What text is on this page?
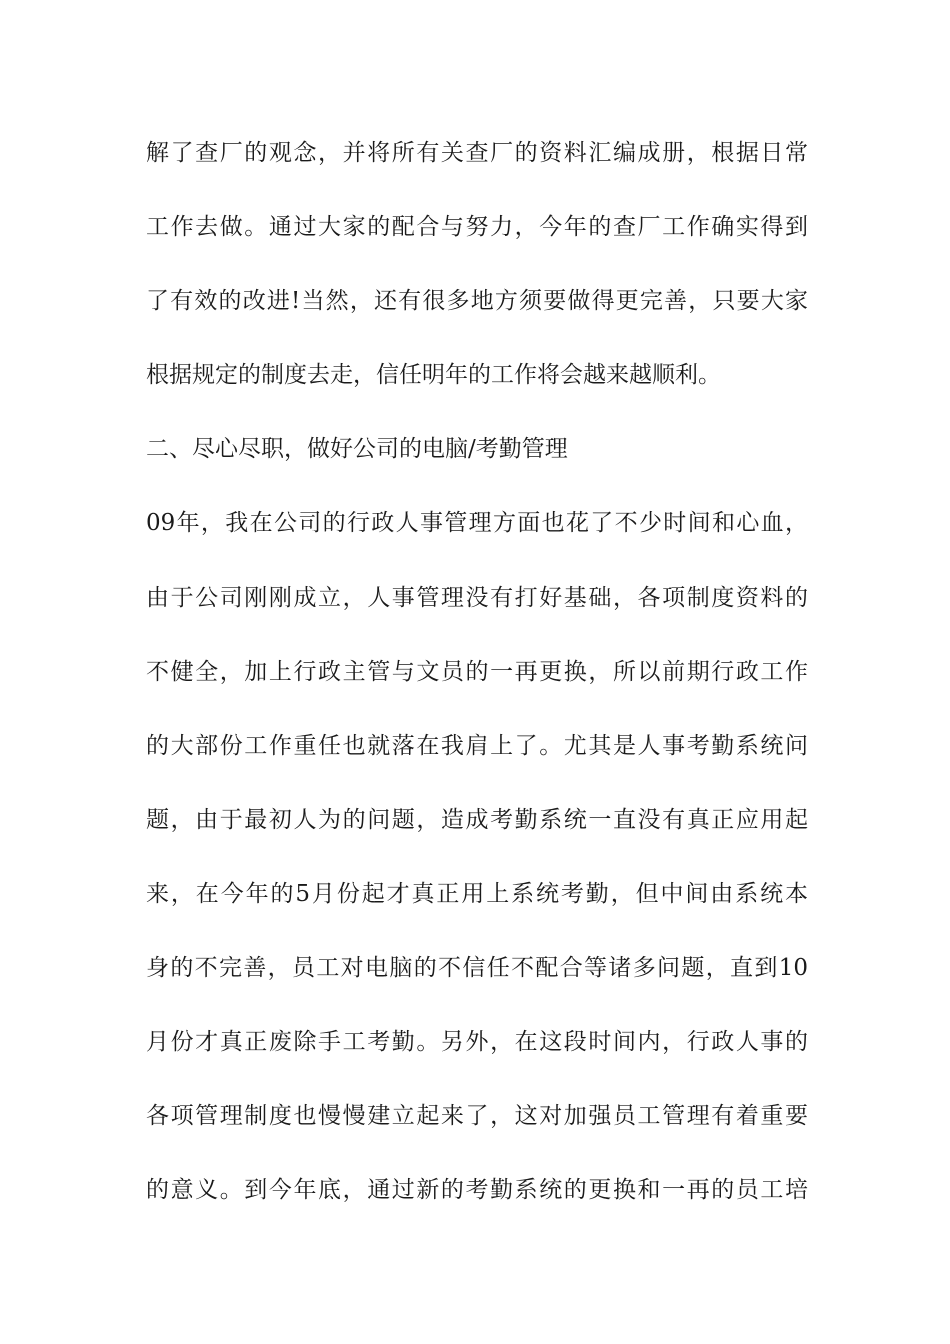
解了查厂的观念，并将所有关查厂的资料汇编成册，根据日常
工作去做。通过大家的配合与努力，今年的查厂工作确实得到
了有效的改进!当然，还有很多地方须要做得更完善，只要大家
根据规定的制度去走，信任明年的工作将会越来越顺利。
二、尽心尽职，做好公司的电脑/考勤管理
09年，我在公司的行政人事管理方面也花了不少时间和心血，
由于公司刚刚成立，人事管理没有打好基础，各项制度资料的
不健全，加上行政主管与文员的一再更换，所以前期行政工作
的大部份工作重任也就落在我肩上了。尤其是人事考勤系统问
题，由于最初人为的问题，造成考勤系统一直没有真正应用起
来，在今年的5月份起才真正用上系统考勤，但中间由系统本
身的不完善，员工对电脑的不信任不配合等诸多问题，直到10
月份才真正废除手工考勤。另外，在这段时间内，行政人事的
各项管理制度也慢慢建立起来了，这对加强员工管理有着重要
的意义。到今年底，通过新的考勤系统的更换和一再的员工培
